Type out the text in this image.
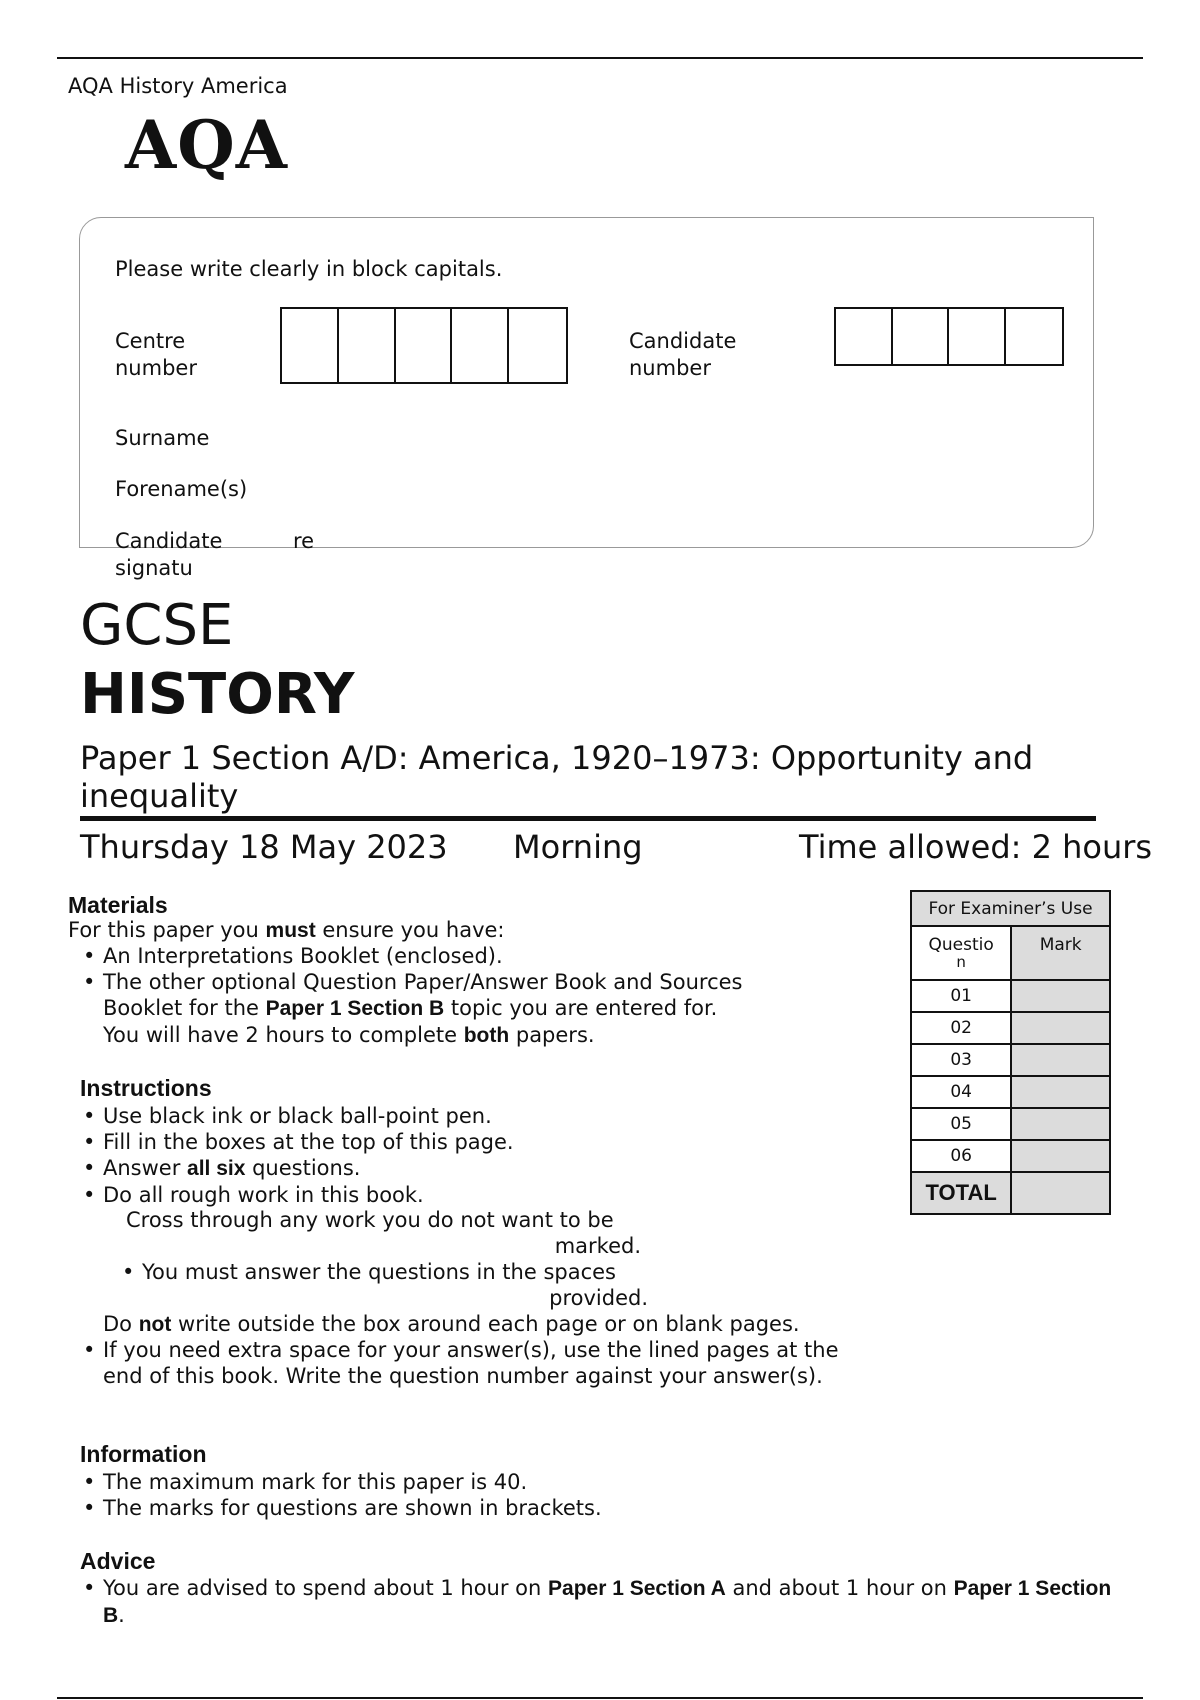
AQA History America
AQA
Please write clearly in block capitals.
Centre
number
Candidate
number
Surname
Forename(s)
Candidate
signatu
re
GCSE
HISTORY
Paper 1 Section A/D: America, 1920–1973: Opportunity and inequality
Thursday 18 May 2023 Morning	Time allowed: 2 hours
Materials
For this paper you must ensure you have:
• An Interpretations Booklet (enclosed).
• The other optional Question Paper/Answer Book and Sources
Booklet for the Paper 1 Section B topic you are entered for.
You will have 2 hours to complete both papers.
Instructions
• Use black ink or black ball-point pen.
• Fill in the boxes at the top of this page.
• Answer all six questions.
• Do all rough work in this book.
Cross through any work you do not want to be
marked.
• You must answer the questions in the spaces
provided.
Do not write outside the box around each page or on blank pages.
• If you need extra space for your answer(s), use the lined pages at the end of this book. Write the question number against your answer(s).
Information
• The maximum mark for this paper is 40.
• The marks for questions are shown in brackets.
Advice
• You are advised to spend about 1 hour on Paper 1 Section A and about 1 hour on Paper 1 Section
B.
For Examiner’s Use	

Questio
n	Mark
01	
02	
03	
04	
05	
06	
TOTAL	
